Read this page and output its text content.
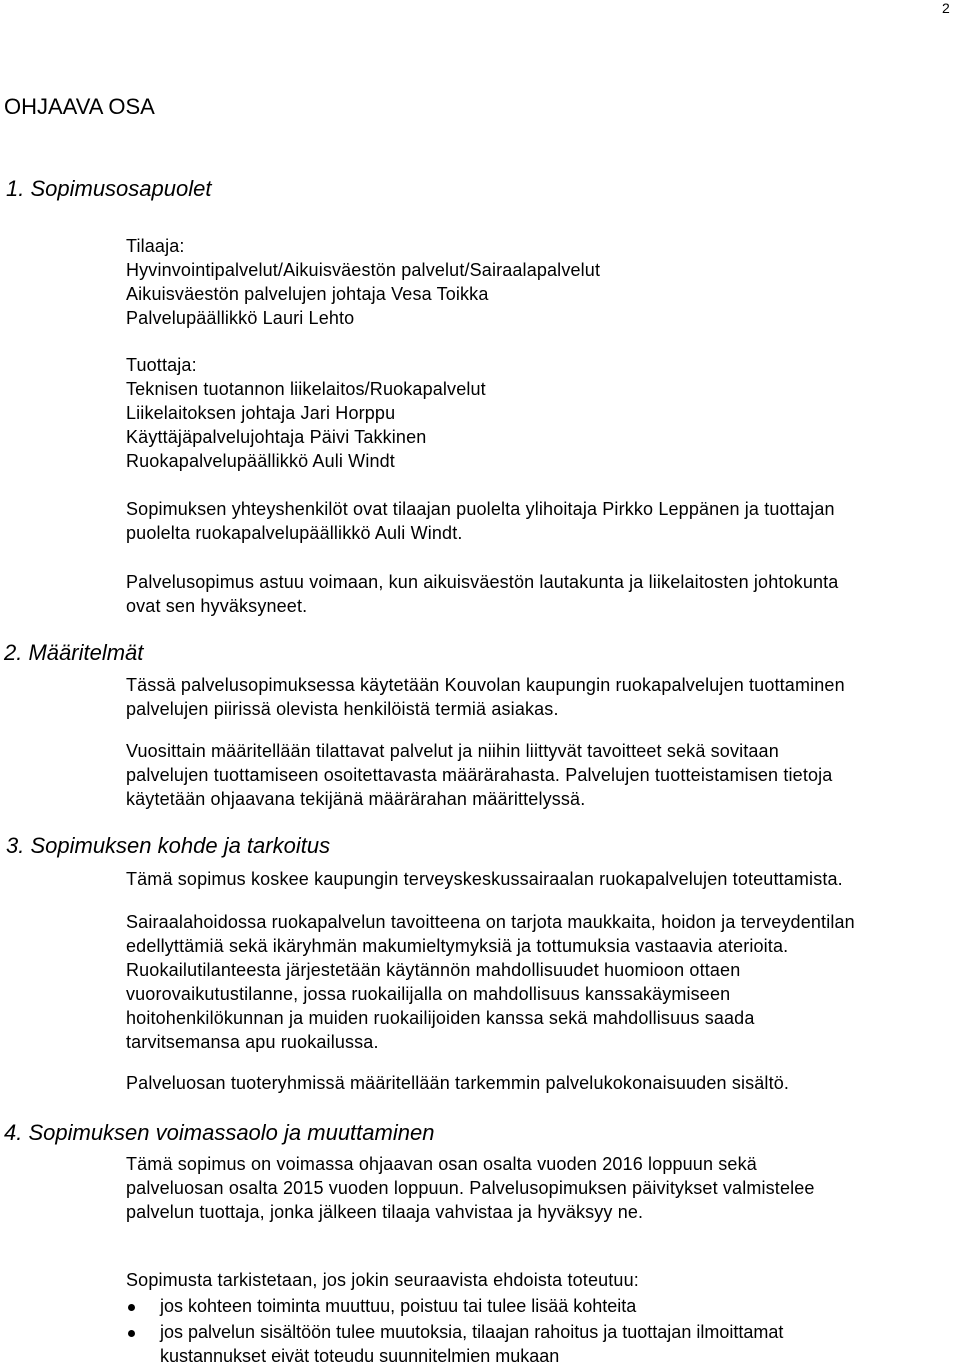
2
OHJAAVA OSA
1. Sopimusosapuolet
Tilaaja:
Hyvinvointipalvelut/Aikuisväestön palvelut/Sairaalapalvelut
Aikuisväestön palvelujen johtaja Vesa Toikka
Palvelupäällikkö Lauri Lehto
Tuottaja:
Teknisen tuotannon liikelaitos/Ruokapalvelut
Liikelaitoksen johtaja Jari Horppu
Käyttäjäpalvelujohtaja Päivi Takkinen
Ruokapalvelupäällikkö Auli Windt
Sopimuksen yhteyshenkilöt ovat tilaajan puolelta ylihoitaja Pirkko Leppänen ja tuottajan
puolelta ruokapalvelupäällikkö Auli Windt.
Palvelusopimus astuu voimaan, kun aikuisväestön lautakunta ja liikelaitosten johtokunta
ovat sen hyväksyneet.
2. Määritelmät
Tässä palvelusopimuksessa käytetään Kouvolan kaupungin ruokapalvelujen tuottaminen
palvelujen piirissä olevista henkilöistä termiä asiakas.
Vuosittain määritellään tilattavat palvelut ja niihin liittyvät tavoitteet sekä sovitaan
palvelujen tuottamiseen osoitettavasta määrärahasta. Palvelujen tuotteistamisen tietoja
käytetään ohjaavana tekijänä määrärahan määrittelyssä.
3. Sopimuksen kohde ja tarkoitus
Tämä sopimus koskee kaupungin terveyskeskussairaalan ruokapalvelujen toteuttamista.
Sairaalahoidossa ruokapalvelun tavoitteena on tarjota maukkaita, hoidon ja terveydentilan
edellyttämiä sekä ikäryhmän makumieltymyksiä ja tottumuksia vastaavia aterioita.
Ruokailutilanteesta järjestetään käytännön mahdollisuudet huomioon ottaen
vuorovaikutustilanne, jossa ruokailijalla on mahdollisuus kanssakäymiseen
hoitohenkilökunnan ja muiden ruokailijoiden kanssa sekä mahdollisuus saada
tarvitsemansa apu ruokailussa.
Palveluosan tuoteryhmissä määritellään tarkemmin palvelukokonaisuuden sisältö.
4. Sopimuksen voimassaolo ja muuttaminen
Tämä sopimus on voimassa ohjaavan osan osalta vuoden 2016 loppuun sekä
palveluosan osalta 2015 vuoden loppuun. Palvelusopimuksen päivitykset valmistelee
palvelun tuottaja, jonka jälkeen tilaaja vahvistaa ja hyväksyy ne.
Sopimusta tarkistetaan, jos jokin seuraavista ehdoista toteutuu:
jos kohteen toiminta muuttuu, poistuu tai tulee lisää kohteita
jos palvelun sisältöön tulee muutoksia, tilaajan rahoitus ja tuottajan ilmoittamat
kustannukset eivät toteudu suunnitelmien mukaan
